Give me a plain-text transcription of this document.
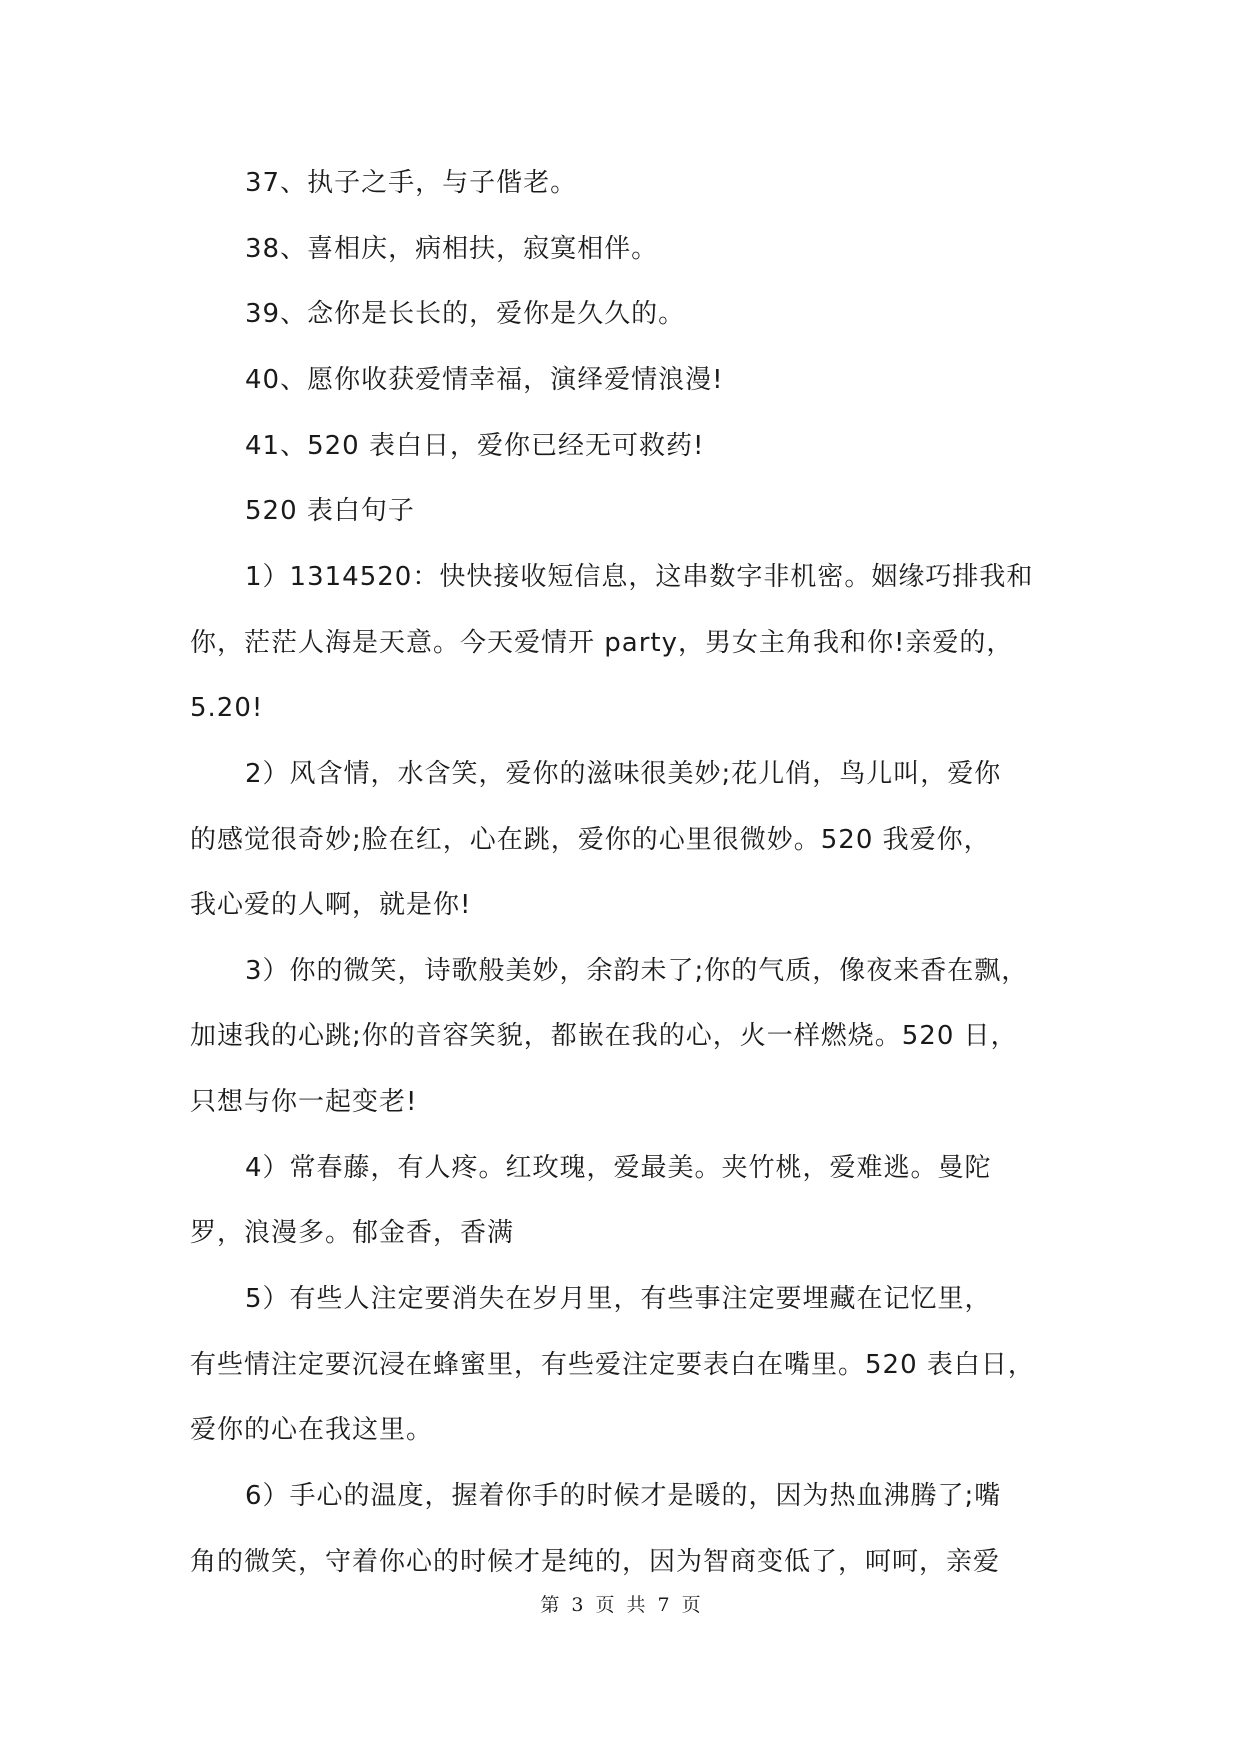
37、执子之手，与子偕老。
38、喜相庆，病相扶，寂寞相伴。
39、念你是长长的，爱你是久久的。
40、愿你收获爱情幸福，演绎爱情浪漫!
41、520 表白日，爱你已经无可救药!
520 表白句子
1）1314520：快快接收短信息，这串数字非机密。姻缘巧排我和
你，茫茫人海是天意。今天爱情开 party，男女主角我和你!亲爱的，
5.20!
2）风含情，水含笑，爱你的滋味很美妙;花儿俏，鸟儿叫，爱你
的感觉很奇妙;脸在红，心在跳，爱你的心里很微妙。520 我爱你，
我心爱的人啊，就是你!
3）你的微笑，诗歌般美妙，余韵未了;你的气质，像夜来香在飘，
加速我的心跳;你的音容笑貌，都嵌在我的心，火一样燃烧。520 日，
只想与你一起变老!
4）常春藤，有人疼。红玫瑰，爱最美。夹竹桃，爱难逃。曼陀
罗，浪漫多。郁金香，香满
5）有些人注定要消失在岁月里，有些事注定要埋藏在记忆里，
有些情注定要沉浸在蜂蜜里，有些爱注定要表白在嘴里。520 表白日，
爱你的心在我这里。
6）手心的温度，握着你手的时候才是暖的，因为热血沸腾了;嘴
角的微笑，守着你心的时候才是纯的，因为智商变低了，呵呵，亲爱
第 3 页 共 7 页
